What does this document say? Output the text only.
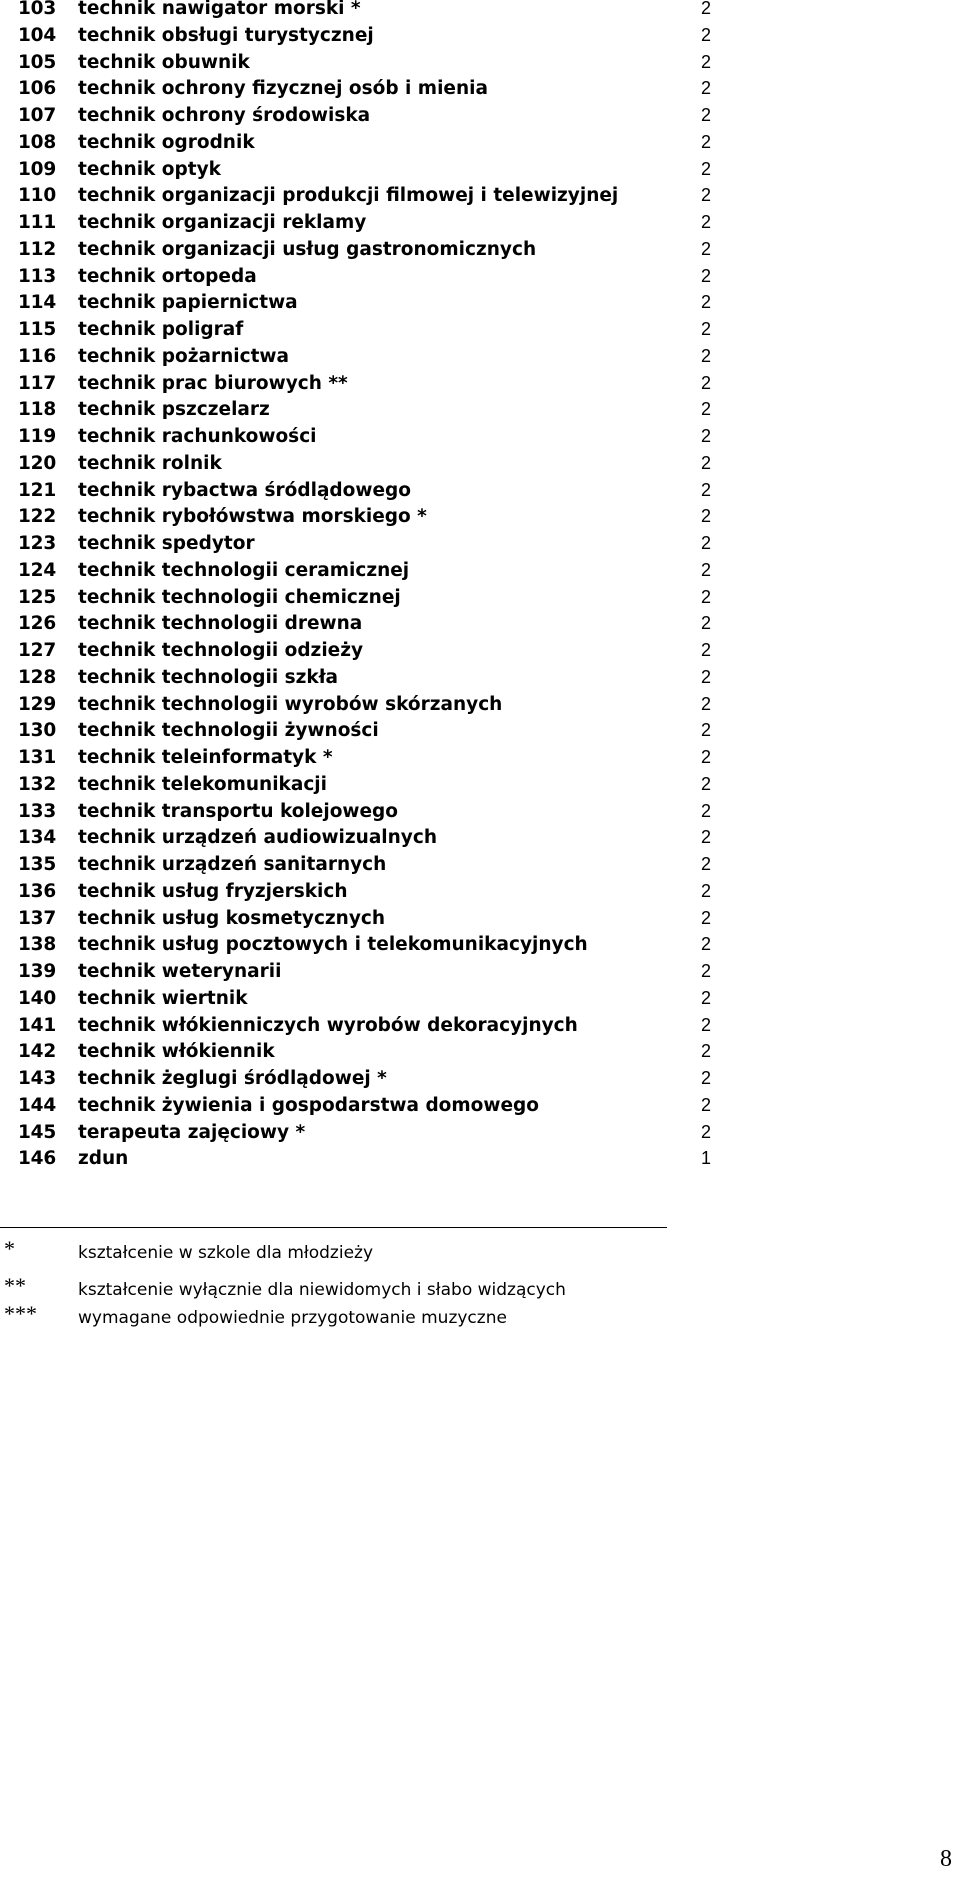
103 technik nawigator morski *	2
104 technik obsługi turystycznej	2
105 technik obuwnik	2
106 technik ochrony fizycznej osób i mienia	2
107 technik ochrony środowiska	2
108 technik ogrodnik	2
109 technik optyk	2
110 technik organizacji produkcji filmowej i telewizyjnej	2
111 technik organizacji reklamy	2
112 technik organizacji usług gastronomicznych	2
113 technik ortopeda	2
114 technik papiernictwa	2
115 technik poligraf	2
116 technik pożarnictwa	2
117 technik prac biurowych **	2
118 technik pszczelarz	2
119 technik rachunkowości	2
120 technik rolnik	2
121 technik rybactwa śródlądowego	2
122 technik rybołówstwa morskiego *	2
123 technik spedytor	2
124 technik technologii ceramicznej	2
125 technik technologii chemicznej	2
126 technik technologii drewna	2
127 technik technologii odzieży	2
128 technik technologii szkła	2
129 technik technologii wyrobów skórzanych	2
130 technik technologii żywności	2
131 technik teleinformatyk *	2
132 technik telekomunikacji	2
133 technik transportu kolejowego	2
134 technik urządzeń audiowizualnych	2
135 technik urządzeń sanitarnych	2
136 technik usług fryzjerskich	2
137 technik usług kosmetycznych	2
138 technik usług pocztowych i telekomunikacyjnych	2
139 technik weterynarii	2
140 technik wiertnik	2
141 technik włókienniczych wyrobów dekoracyjnych	2
142 technik włókiennik	2
143 technik żeglugi śródlądowej *	2
144 technik żywienia i gospodarstwa domowego	2
145 terapeuta zajęciowy *	2
146 zdun	1
*	kształcenie w szkole dla młodzieży
**	kształcenie wyłącznie dla niewidomych i słabo widzących
*** wymagane odpowiednie przygotowanie muzyczne
8
